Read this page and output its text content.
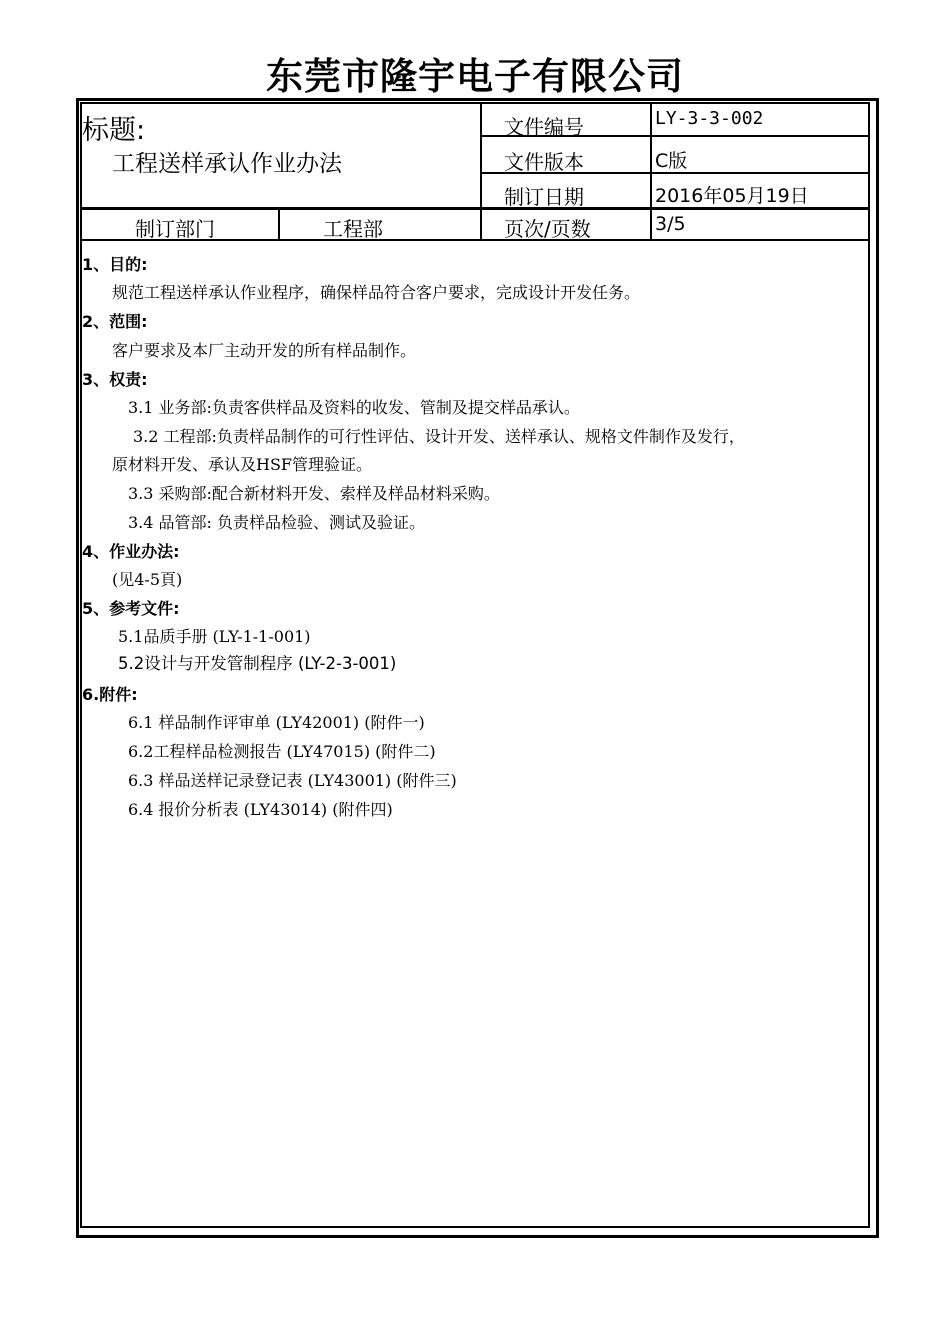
东莞市隆宇电子有限公司
标题:
工程送样承认作业办法
文件编号	LY-3-3-002
文件版本	C版
制订日期	2016年05月19日
制订部门	工程部	页次/页数	3/5
1、目的:
规范工程送样承认作业程序，确保样品符合客户要求，完成设计开发任务。
2、范围:
客户要求及本厂主动开发的所有样品制作。
3、权责:
3.1 业务部:负责客供样品及资料的收发、管制及提交样品承认。
3.2 工程部:负责样品制作的可行性评估、设计开发、送样承认、规格文件制作及发行，
原材料开发、承认及HSF管理验证。
3.3 采购部:配合新材料开发、索样及样品材料采购。
3.4 品管部: 负责样品检验、测试及验证。
4、作业办法:
(见4-5頁)
5、参考文件:
5.1品质手册 (LY-1-1-001)
5.2设计与开发管制程序 (LY-2-3-001)
6.附件:
6.1 样品制作评审单 (LY42001) (附件一)
6.2工程样品检测报告 (LY47015) (附件二)
6.3 样品送样记录登记表 (LY43001) (附件三)
6.4 报价分析表 (LY43014) (附件四)
